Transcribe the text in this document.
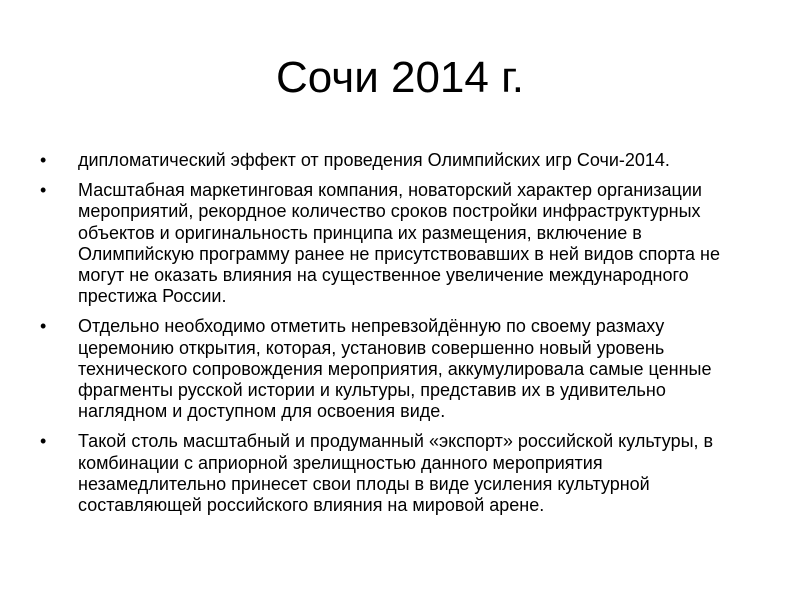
Сочи 2014 г.
•	дипломатический эффект от проведения Олимпийских игр Сочи-2014.
•	Масштабная маркетинговая компания, новаторский характер организации мероприятий, рекордное количество сроков постройки инфраструктурных объектов и оригинальность принципа их размещения, включение в Олимпийскую программу ранее не присутствовавших в ней видов спорта не могут не оказать влияния на существенное увеличение международного престижа России.
•	Отдельно необходимо отметить непревзойдённую по своему размаху церемонию открытия, которая, установив совершенно новый уровень технического сопровождения мероприятия, аккумулировала самые ценные фрагменты русской истории и культуры, представив их в удивительно наглядном и доступном для освоения виде.
•	Такой столь масштабный и продуманный «экспорт» российской культуры, в комбинации с априорной зрелищностью данного мероприятия незамедлительно принесет свои плоды в виде усиления культурной составляющей российского влияния на мировой арене.
